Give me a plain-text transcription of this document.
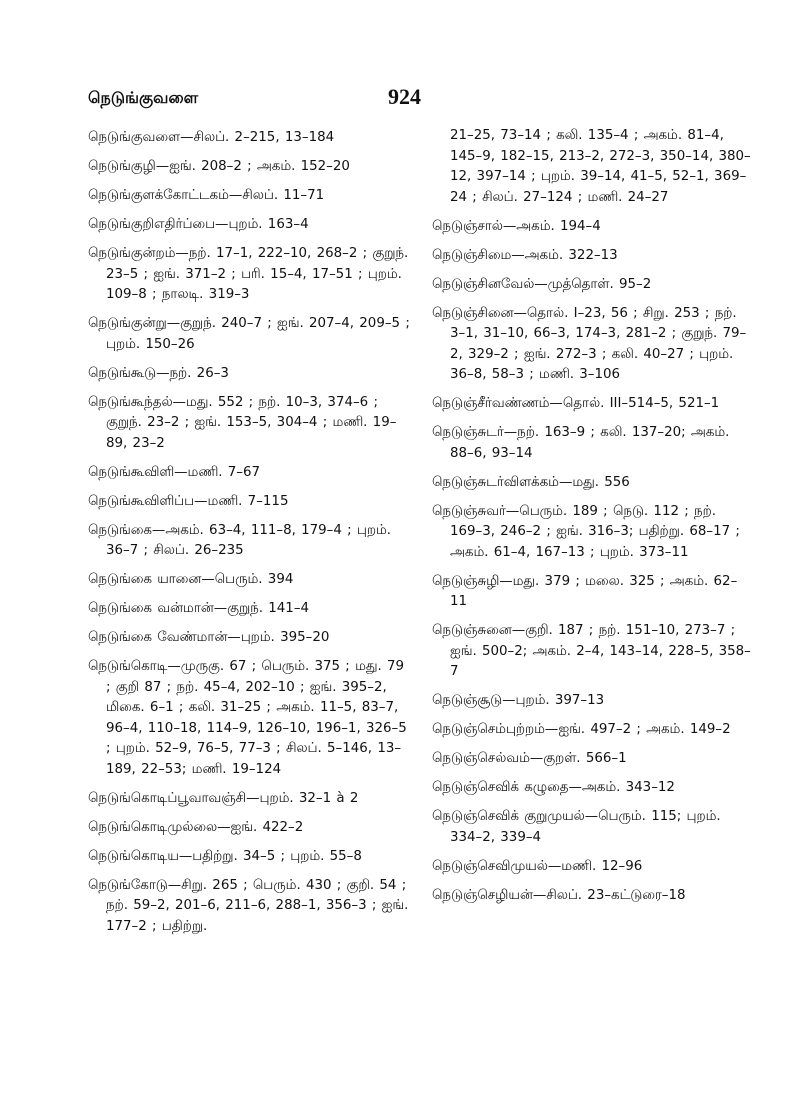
நெடுங்குவளை	924

நெடுங்குவளை—சிலப். 2–215, 13–184

நெடுங்குழி—ஐங். 208–2 ; அகம். 152–20

நெடுங்குளக்கோட்டகம்—சிலப். 11–71

நெடுங்குறிஎதிர்ப்பை—புறம். 163–4

நெடுங்குன்றம்—நற். 17–1, 222–10, 268–2 ; குறுந். 23–5 ; ஐங். 371–2 ; பரி. 15–4, 17–51 ; புறம். 109–8 ; நாலடி. 319–3

நெடுங்குன்று—குறுந். 240–7 ; ஐங். 207–4, 209–5 ; புறம். 150–26

நெடுங்கூடு—நற். 26–3

நெடுங்கூந்தல்—மது. 552 ; நற். 10–3, 374–6 ; குறுந். 23–2 ; ஐங். 153–5, 304–4 ; மணி. 19–89, 23–2

நெடுங்கூவிளி—மணி. 7–67

நெடுங்கூவிளிப்ப—மணி. 7–115

நெடுங்கை—அகம். 63–4, 111–8, 179–4 ; புறம். 36–7 ; சிலப். 26–235

நெடுங்கை யானை—பெரும். 394

நெடுங்கை வன்மான்—குறுந். 141–4

நெடுங்கை வேண்மான்—புறம். 395–20

நெடுங்கொடி—முருகு. 67 ; பெரும். 375 ; மது. 79 ; குறி 87 ; நற். 45–4, 202–10 ; ஐங். 395–2, மிகை. 6–1 ; கலி. 31–25 ; அகம். 11–5, 83–7, 96–4, 110–18, 114–9, 126–10, 196–1, 326–5 ; புறம். 52–9, 76–5, 77–3 ; சிலப். 5–146, 13–189, 22–53; மணி. 19–124

நெடுங்கொடிப்பூவாவஞ்சி—புறம். 32–1 à 2

நெடுங்கொடிமுல்லை—ஐங். 422–2

நெடுங்கொடிய—பதிற்று. 34–5 ; புறம். 55–8

நெடுங்கோடு—சிறு. 265 ; பெரும். 430 ; குறி. 54 ; நற். 59–2, 201–6, 211–6, 288–1, 356–3 ; ஐங். 177–2 ; பதிற்று.

21–25, 73–14 ; கலி. 135–4 ; அகம். 81–4, 145–9, 182–15, 213–2, 272–3, 350–14, 380–12, 397–14 ; புறம். 39–14, 41–5, 52–1, 369–24 ; சிலப். 27–124 ; மணி. 24–27

நெடுஞ்சால்—அகம். 194–4

நெடுஞ்சிமை—அகம். 322–13

நெடுஞ்சினவேல்—முத்தொள். 95–2

நெடுஞ்சினை—தொல். I–23, 56 ; சிறு. 253 ; நற். 3–1, 31–10, 66–3, 174–3, 281–2 ; குறுந். 79–2, 329–2 ; ஐங். 272–3 ; கலி. 40–27 ; புறம். 36–8, 58–3 ; மணி. 3–106

நெடுஞ்சீர்வண்ணம்—தொல். III–514–5, 521–1

நெடுஞ்சுடர்—நற். 163–9 ; கலி. 137–20; அகம். 88–6, 93–14

நெடுஞ்சுடர்விளக்கம்—மது. 556

நெடுஞ்சுவர்—பெரும். 189 ; நெடு. 112 ; நற். 169–3, 246–2 ; ஐங். 316–3; பதிற்று. 68–17 ; அகம். 61–4, 167–13 ; புறம். 373–11

நெடுஞ்சுழி—மது. 379 ; மலை. 325 ; அகம். 62–11

நெடுஞ்சுனை—குறி. 187 ; நற். 151–10, 273–7 ; ஐங். 500–2; அகம். 2–4, 143–14, 228–5, 358–7

நெடுஞ்சூடு—புறம். 397–13

நெடுஞ்செம்புற்றம்—ஐங். 497–2 ; அகம். 149–2

நெடுஞ்செல்வம்—குறள். 566–1

நெடுஞ்செவிக் கழுதை—அகம். 343–12

நெடுஞ்செவிக் குறுமுயல்—பெரும். 115; புறம். 334–2, 339–4

நெடுஞ்செவிமுயல்—மணி. 12–96

நெடுஞ்செழியன்—சிலப். 23–கட்டுரை–18
